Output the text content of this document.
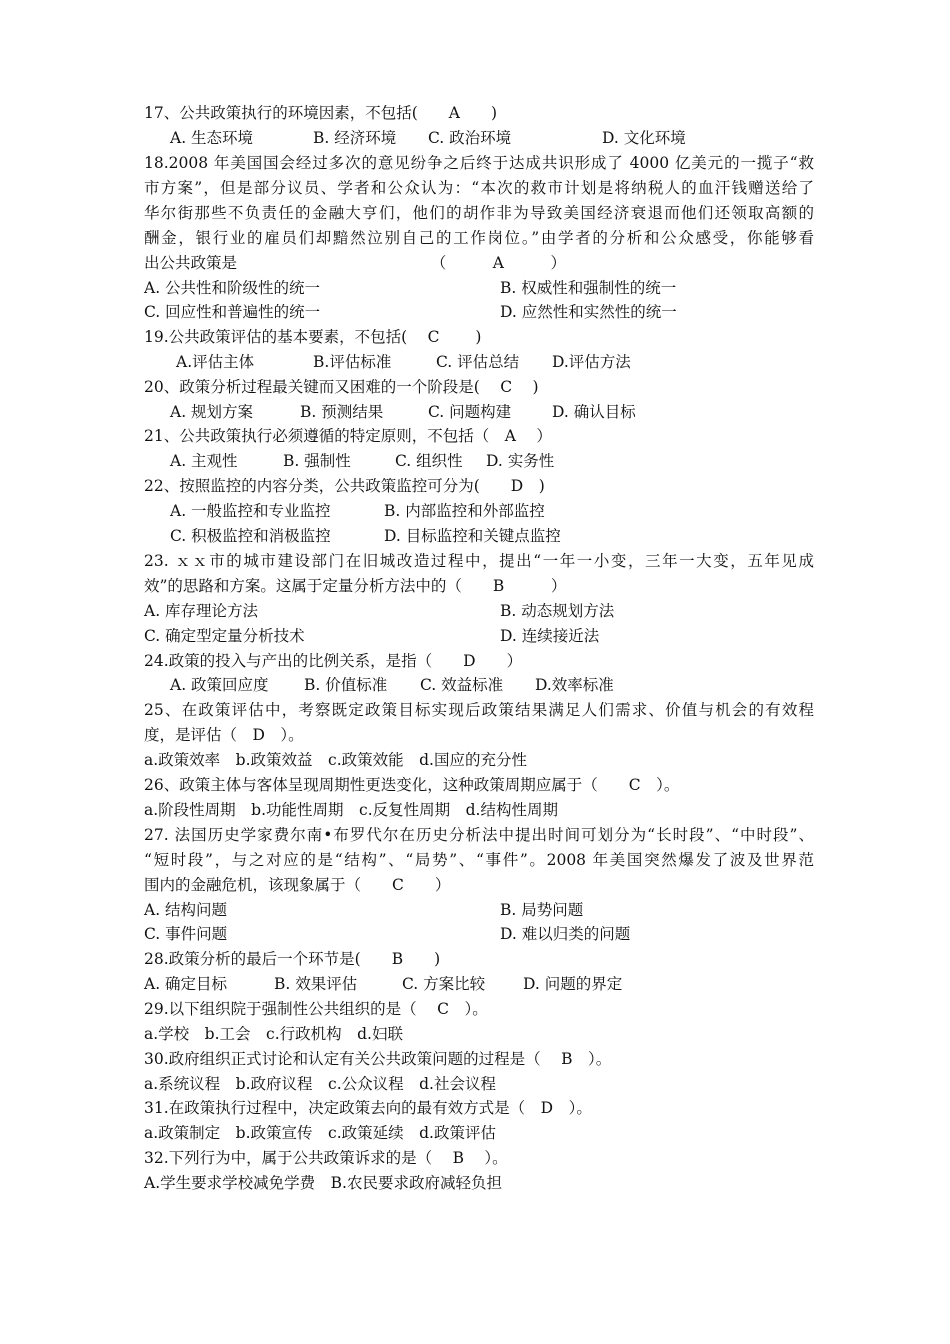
17、公共政策执行的环境因素，不包括(　　A　　)
A. 生态环境	B. 经济环境 C. 政治环境	D. 文化环境
18.2008 年美国国会经过多次的意见纷争之后终于达成共识形成了 4000 亿美元的一揽子“救
市方案”，但是部分议员、学者和公众认为：“本次的救市计划是将纳税人的血汗钱赠送给了
华尔街那些不负责任的金融大亨们，他们的胡作非为导致美国经济衰退而他们还领取高额的
酬金，银行业的雇员们却黯然泣别自己的工作岗位。”由学者的分析和公众感受，你能够看
出公共政策是　　　　　　　　　　　　　（　　　A　　　）
A. 公共性和阶级性的统一	B. 权威性和强制性的统一
C. 回应性和普遍性的统一	D. 应然性和实然性的统一
19.公共政策评估的基本要素，不包括(　 C　　 )
A.评估主体	B.评估标准	C. 评估总结 D.评估方法
20、政策分析过程最关键而又困难的一个阶段是(　 C　 )
A. 规划方案	B. 预测结果	C. 问题构建	D. 确认目标
21、公共政策执行必须遵循的特定原则，不包括（　A　 ）
A. 主观性	B. 强制性	C. 组织性 D. 实务性
22、按照监控的内容分类，公共政策监控可分为(　　D　)
A. 一般监控和专业监控	B. 内部监控和外部监控
C. 积极监控和消极监控	D. 目标监控和关键点监控
23. ｘｘ市的城市建设部门在旧城改造过程中，提出“一年一小变，三年一大变，五年见成
效”的思路和方案。这属于定量分析方法中的（　　B　　　）
A. 库存理论方法	B. 动态规划方法
C. 确定型定量分析技术	D. 连续接近法
24.政策的投入与产出的比例关系，是指（　　D　　）
A. 政策回应度 B. 价值标准 C. 效益标准 D.效率标准
25、在政策评估中，考察既定政策目标实现后政策结果满足人们需求、价值与机会的有效程
度，是评估（　D　）。
a.政策效率　b.政策效益　c.政策效能　d.国应的充分性
26、政策主体与客体呈现周期性更迭变化，这种政策周期应属于（　　C　）。
a.阶段性周期　b.功能性周期　c.反复性周期　d.结构性周期
27. 法国历史学家费尔南•布罗代尔在历史分析法中提出时间可划分为“长时段”、“中时段”、
“短时段”，与之对应的是“结构”、“局势”、“事件”。2008 年美国突然爆发了波及世界范
围内的金融危机，该现象属于（　　C　　）
A. 结构问题	B. 局势问题
C. 事件问题	D. 难以归类的问题
28.政策分析的最后一个环节是(　　B　　)
A. 确定目标	B. 效果评估	C. 方案比较 D. 问题的界定
29.以下组织院于强制性公共组织的是（　 C　）。
a.学校　b.工会　c.行政机构　d.妇联
30.政府组织正式讨论和认定有关公共政策问题的过程是（　 B　）。
a.系统议程　b.政府议程　c.公众议程　d.社会议程
31.在政策执行过程中，决定政策去向的最有效方式是（　D　）。
a.政策制定　b.政策宣传　c.政策延续　d.政策评估
32.下列行为中，属于公共政策诉求的是（　 B　 ）。
A.学生要求学校减免学费　B.农民要求政府减轻负担
